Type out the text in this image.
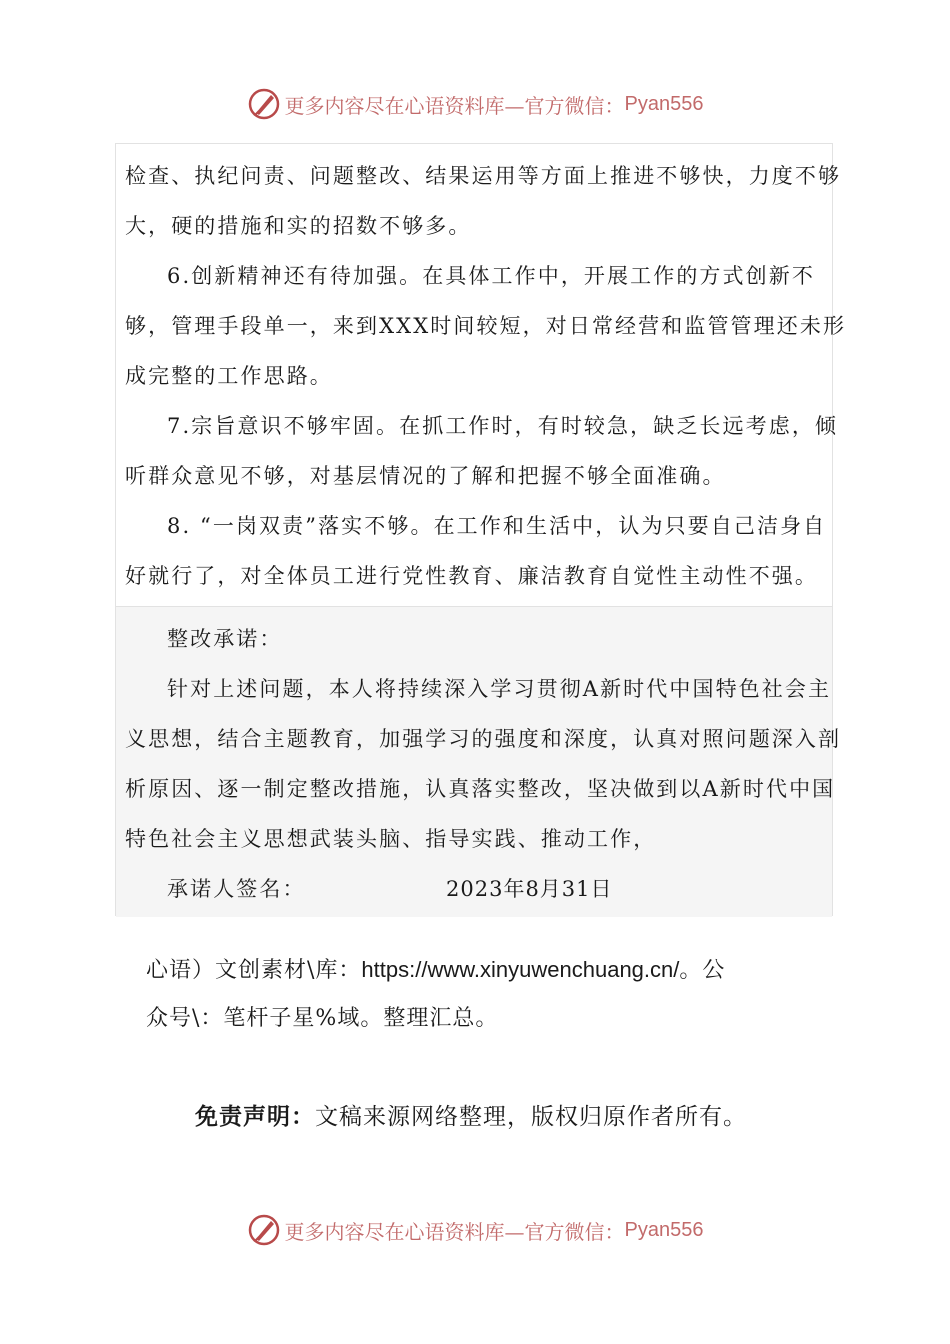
更多内容尽在心语资料库—官方微信： Pyan556
检查、执纪问责、问题整改、结果运用等方面上推进不够快，力度不够
大，硬的措施和实的招数不够多。
6.创新精神还有待加强。在具体工作中，开展工作的方式创新不
够，管理手段单一，来到XXX时间较短，对日常经营和监管管理还未形
成完整的工作思路。
7.宗旨意识不够牢固。在抓工作时，有时较急，缺乏长远考虑，倾
听群众意见不够，对基层情况的了解和把握不够全面准确。
8. “一岗双责”落实不够。在工作和生活中，认为只要自己洁身自
好就行了，对全体员工进行党性教育、廉洁教育自觉性主动性不强。
整改承诺：
针对上述问题，本人将持续深入学习贯彻A新时代中国特色社会主
义思想，结合主题教育，加强学习的强度和深度，认真对照问题深入剖
析原因、逐一制定整改措施，认真落实整改，坚决做到以A新时代中国
特色社会主义思想武装头脑、指导实践、推动工作，
承诺人签名：	2023年8月31日
心语）文创素材\库：https://www.xinyuwenchuang.cn/。公
众号\：笔杆子星%域。整理汇总。
免责声明：文稿来源网络整理，版权归原作者所有。
更多内容尽在心语资料库—官方微信： Pyan556
